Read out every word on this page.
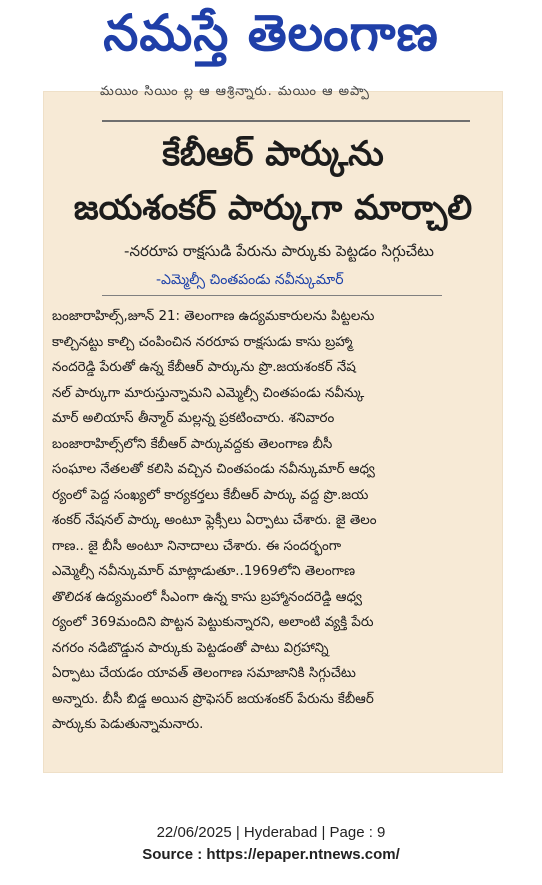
నమస్తే తెలంగాణ
మయిం సియిం ల్ల ఆ ఆశ్రిన్నారు. మయిం ఆ అప్పా
కేబీఆర్ పార్కును
జయశంకర్ పార్కుగా మార్చాలి
-నరరూప రాక్షసుడి పేరును పార్కుకు పెట్టడం సిగ్గుచేటు
-ఎమ్మెల్సీ చింతపండు నవీన్కుమార్
బంజారాహిల్స్,జూన్ 21: తెలంగాణ ఉద్యమకారులను పిట్టలను
కాల్చినట్టు కాల్చి చంపించిన నరరూప రాక్షసుడు కాసు బ్రహ్మా
నందరెడ్డి పేరుతో ఉన్న కేబీఆర్ పార్కును ప్రొ.జయశంకర్ నేష
నల్ పార్కుగా మారుస్తున్నామని ఎమ్మెల్సీ చింతపండు నవీన్కు
మార్ అలియాస్ తీన్మార్ మల్లన్న ప్రకటించారు. శనివారం
బంజారాహిల్స్‌లోని కేబీఆర్ పార్కువద్దకు తెలంగాణ బీసీ
సంఘాల నేతలతో కలిసి వచ్చిన చింతపండు నవీన్కుమార్ ఆధ్వ
ర్యంలో పెద్ద సంఖ్యలో కార్యకర్తలు కేబీఆర్ పార్కు వద్ద ప్రొ.జయ
శంకర్ నేషనల్ పార్కు అంటూ ఫ్లెక్సీలు ఏర్పాటు చేశారు. జై తెలం
గాణ.. జై బీసీ అంటూ నినాదాలు చేశారు. ఈ సందర్భంగా
ఎమ్మెల్సీ నవీన్కుమార్ మాట్లాడుతూ..1969లోని తెలంగాణ
తొలిదశ ఉద్యమంలో సీఎంగా ఉన్న కాసు బ్రహ్మానందరెడ్డి ఆధ్వ
ర్యంలో 369మందిని పొట్టన పెట్టుకున్నారని, అలాంటి వ్యక్తి పేరు
నగరం నడిబొడ్డున పార్కుకు పెట్టడంతో పాటు విగ్రహాన్ని
ఏర్పాటు చేయడం యావత్ తెలంగాణ సమాజానికి సిగ్గుచేటు
అన్నారు. బీసీ బిడ్డ అయిన ప్రొఫెసర్ జయశంకర్ పేరును కేబీఆర్
పార్కుకు పెడుతున్నామనారు.
22/06/2025 | Hyderabad | Page : 9
Source : https://epaper.ntnews.com/
